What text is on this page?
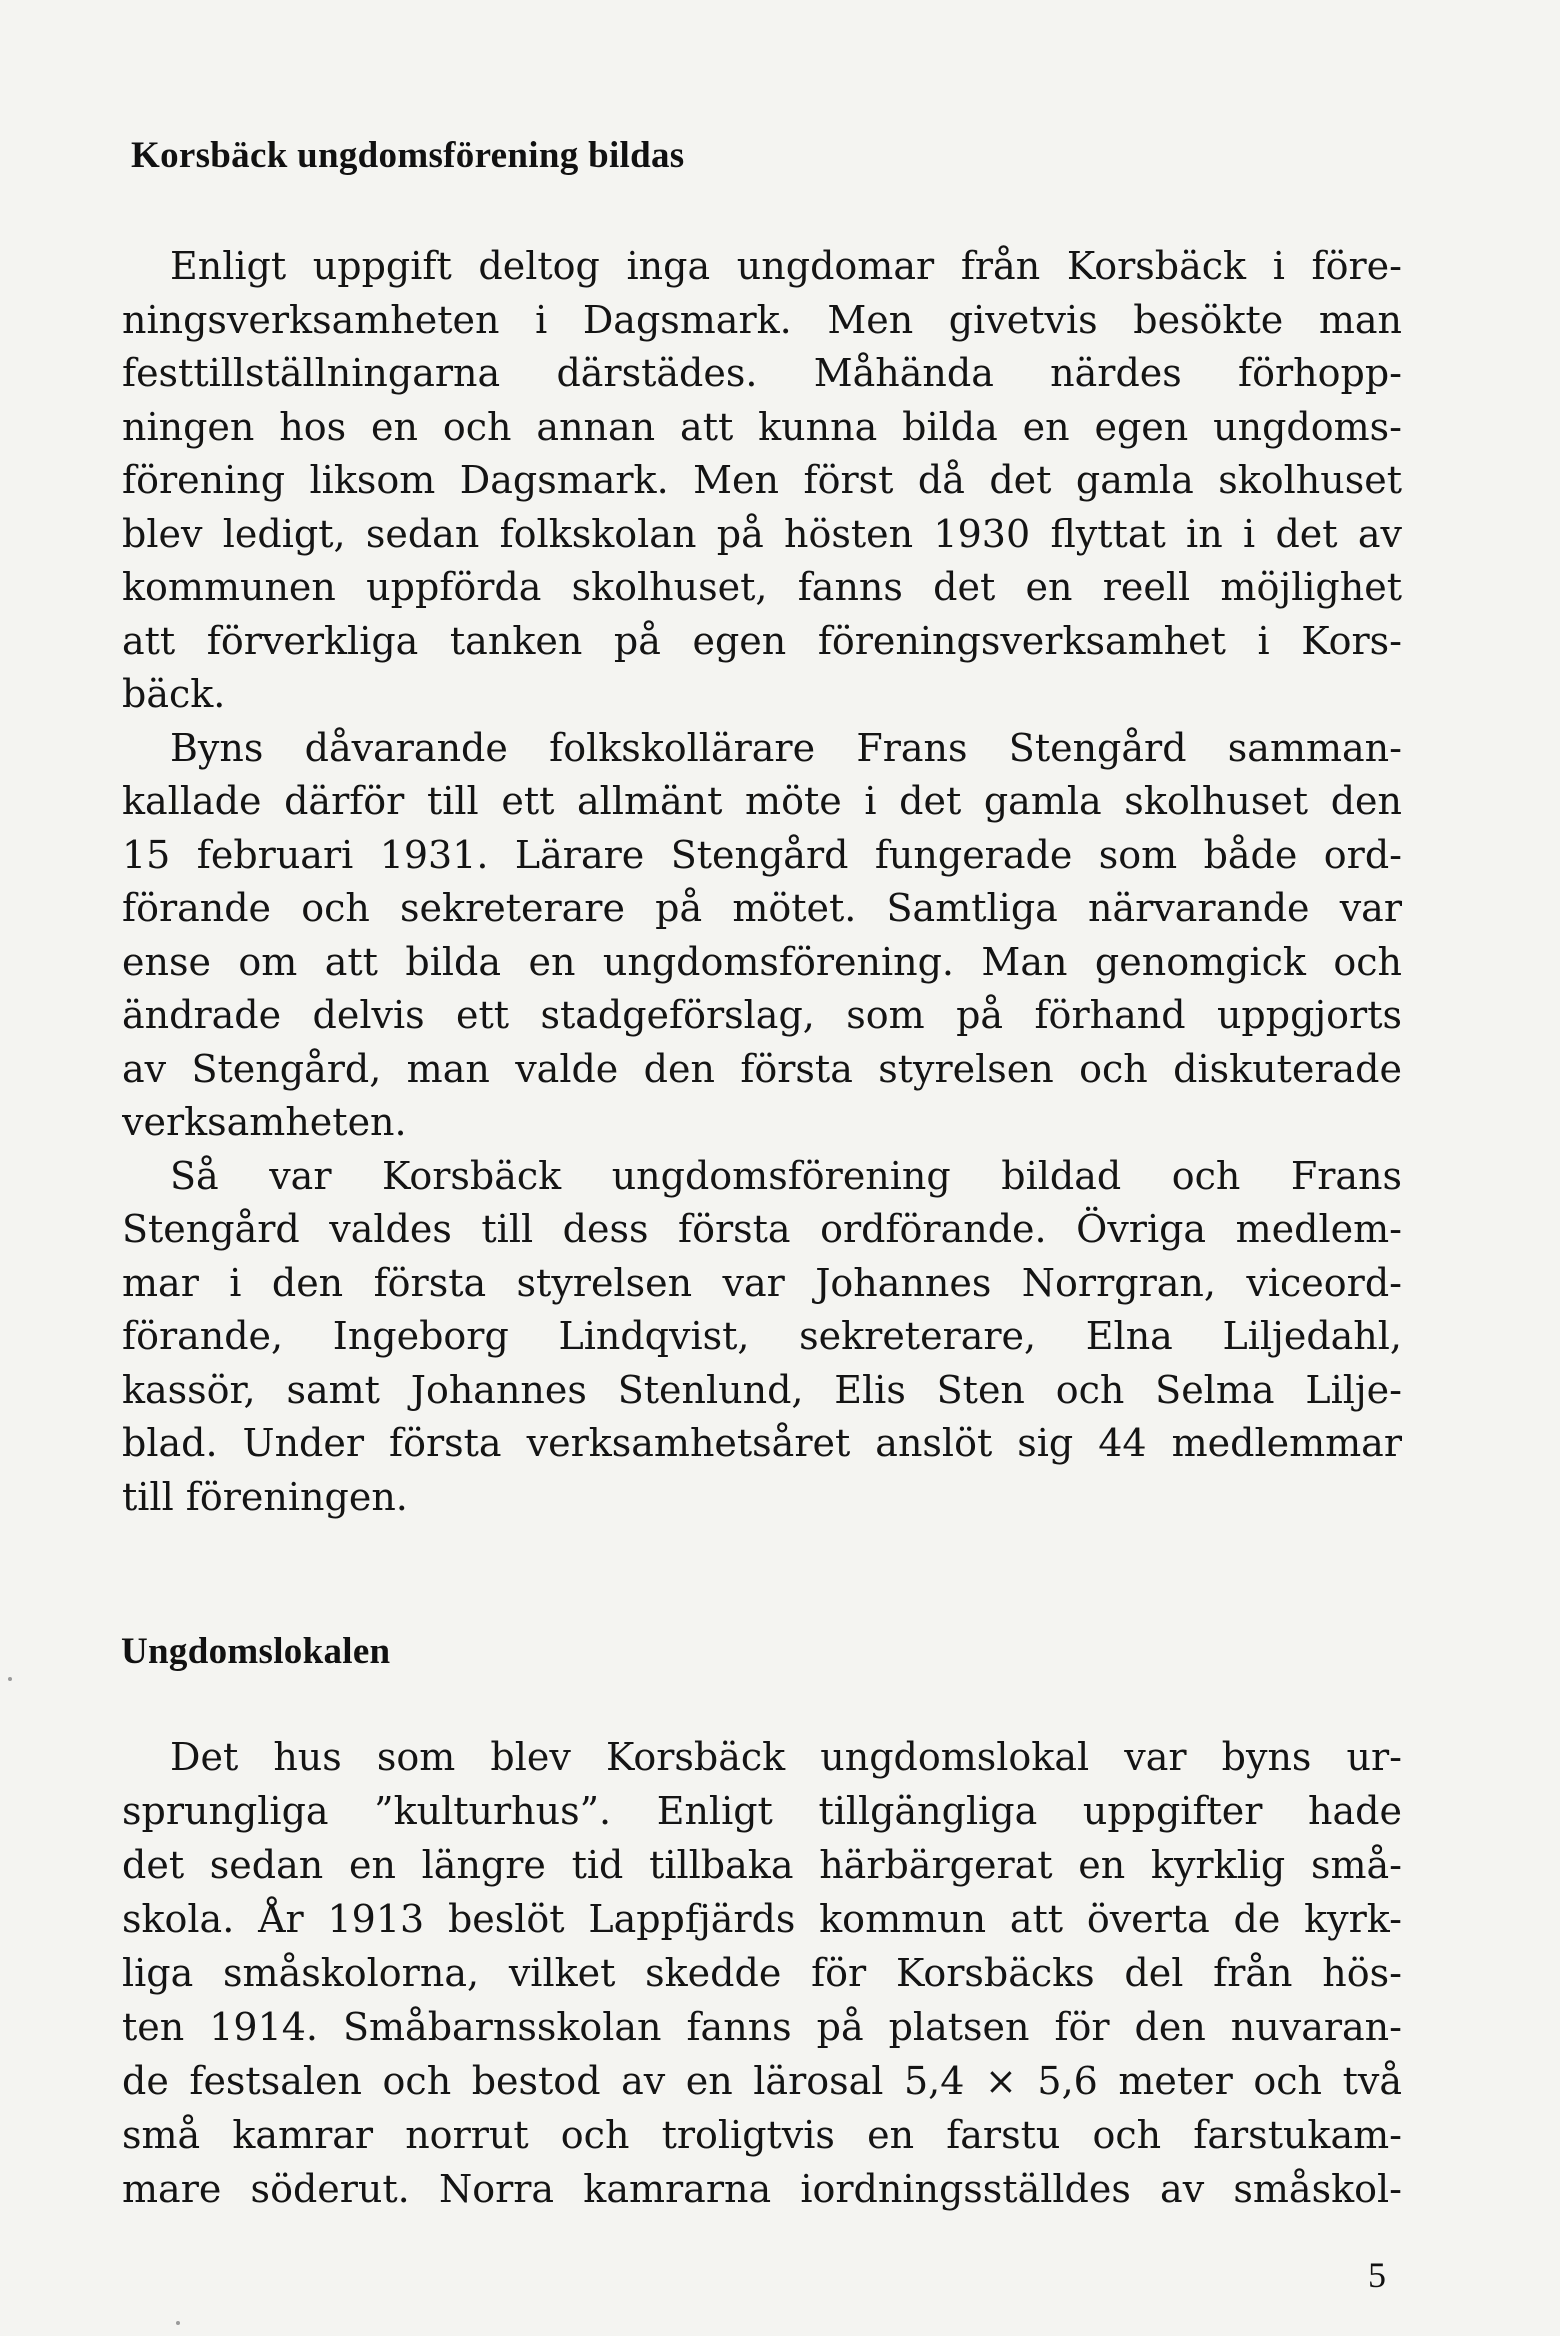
Korsbäck ungdomsförening bildas
Enligt uppgift deltog inga ungdomar från Korsbäck i före-
ningsverksamheten i Dagsmark. Men givetvis besökte man
festtillställningarna därstädes. Måhända närdes förhopp-
ningen hos en och annan att kunna bilda en egen ungdoms-
förening liksom Dagsmark. Men först då det gamla skolhuset
blev ledigt, sedan folkskolan på hösten 1930 flyttat in i det av
kommunen uppförda skolhuset, fanns det en reell möjlighet
att förverkliga tanken på egen föreningsverksamhet i Kors-
bäck.
Byns dåvarande folkskollärare Frans Stengård samman-
kallade därför till ett allmänt möte i det gamla skolhuset den
15 februari 1931. Lärare Stengård fungerade som både ord-
förande och sekreterare på mötet. Samtliga närvarande var
ense om att bilda en ungdomsförening. Man genomgick och
ändrade delvis ett stadgeförslag, som på förhand uppgjorts
av Stengård, man valde den första styrelsen och diskuterade
verksamheten.
Så var Korsbäck ungdomsförening bildad och Frans
Stengård valdes till dess första ordförande. Övriga medlem-
mar i den första styrelsen var Johannes Norrgran, viceord-
förande, Ingeborg Lindqvist, sekreterare, Elna Liljedahl,
kassör, samt Johannes Stenlund, Elis Sten och Selma Lilje-
blad. Under första verksamhetsåret anslöt sig 44 medlemmar
till föreningen.
Ungdomslokalen
Det hus som blev Korsbäck ungdomslokal var byns ur-
sprungliga ”kulturhus”. Enligt tillgängliga uppgifter hade
det sedan en längre tid tillbaka härbärgerat en kyrklig små-
skola. År 1913 beslöt Lappfjärds kommun att överta de kyrk-
liga småskolorna, vilket skedde för Korsbäcks del från hös-
ten 1914. Småbarnsskolan fanns på platsen för den nuvaran-
de festsalen och bestod av en lärosal 5,4 × 5,6 meter och två
små kamrar norrut och troligtvis en farstu och farstukam-
mare söderut. Norra kamrarna iordningsställdes av småskol-
5
